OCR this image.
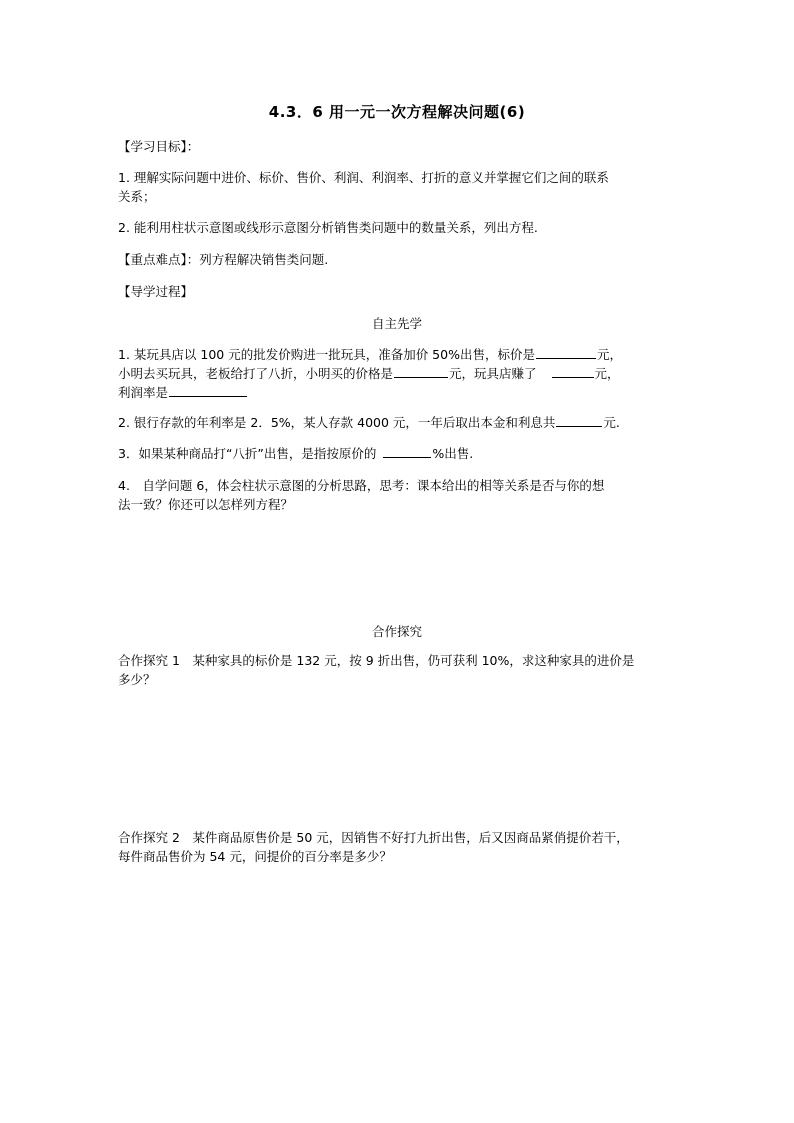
4.3．6 用一元一次方程解决问题(6)
【学习目标】：
1. 理解实际问题中进价、标价、售价、利润、利润率、打折的意义并掌握它们之间的联系
关系；
2. 能利用柱状示意图或线形示意图分析销售类问题中的数量关系，列出方程.
【重点难点】：列方程解决销售类问题.
【导学过程】
自主先学
1. 某玩具店以 100 元的批发价购进一批玩具，准备加价 50%出售，标价是	元，
小明去买玩具，老板给打了八折，小明买的价格是	元，玩具店赚了	元，
利润率是
2. 银行存款的年利率是 2．5%，某人存款 4000 元，一年后取出本金和利息共	元.
3．如果某种商品打“八折”出售，是指按原价的	%出售.
4.　自学问题 6，体会柱状示意图的分析思路，思考：课本给出的相等关系是否与你的想
法一致？你还可以怎样列方程？
合作探究
合作探究 1　某种家具的标价是 132 元，按 9 折出售，仍可获利 10%，求这种家具的进价是
多少？
合作探究 2　某件商品原售价是 50 元，因销售不好打九折出售，后又因商品紧俏提价若干，
每件商品售价为 54 元，问提价的百分率是多少？
